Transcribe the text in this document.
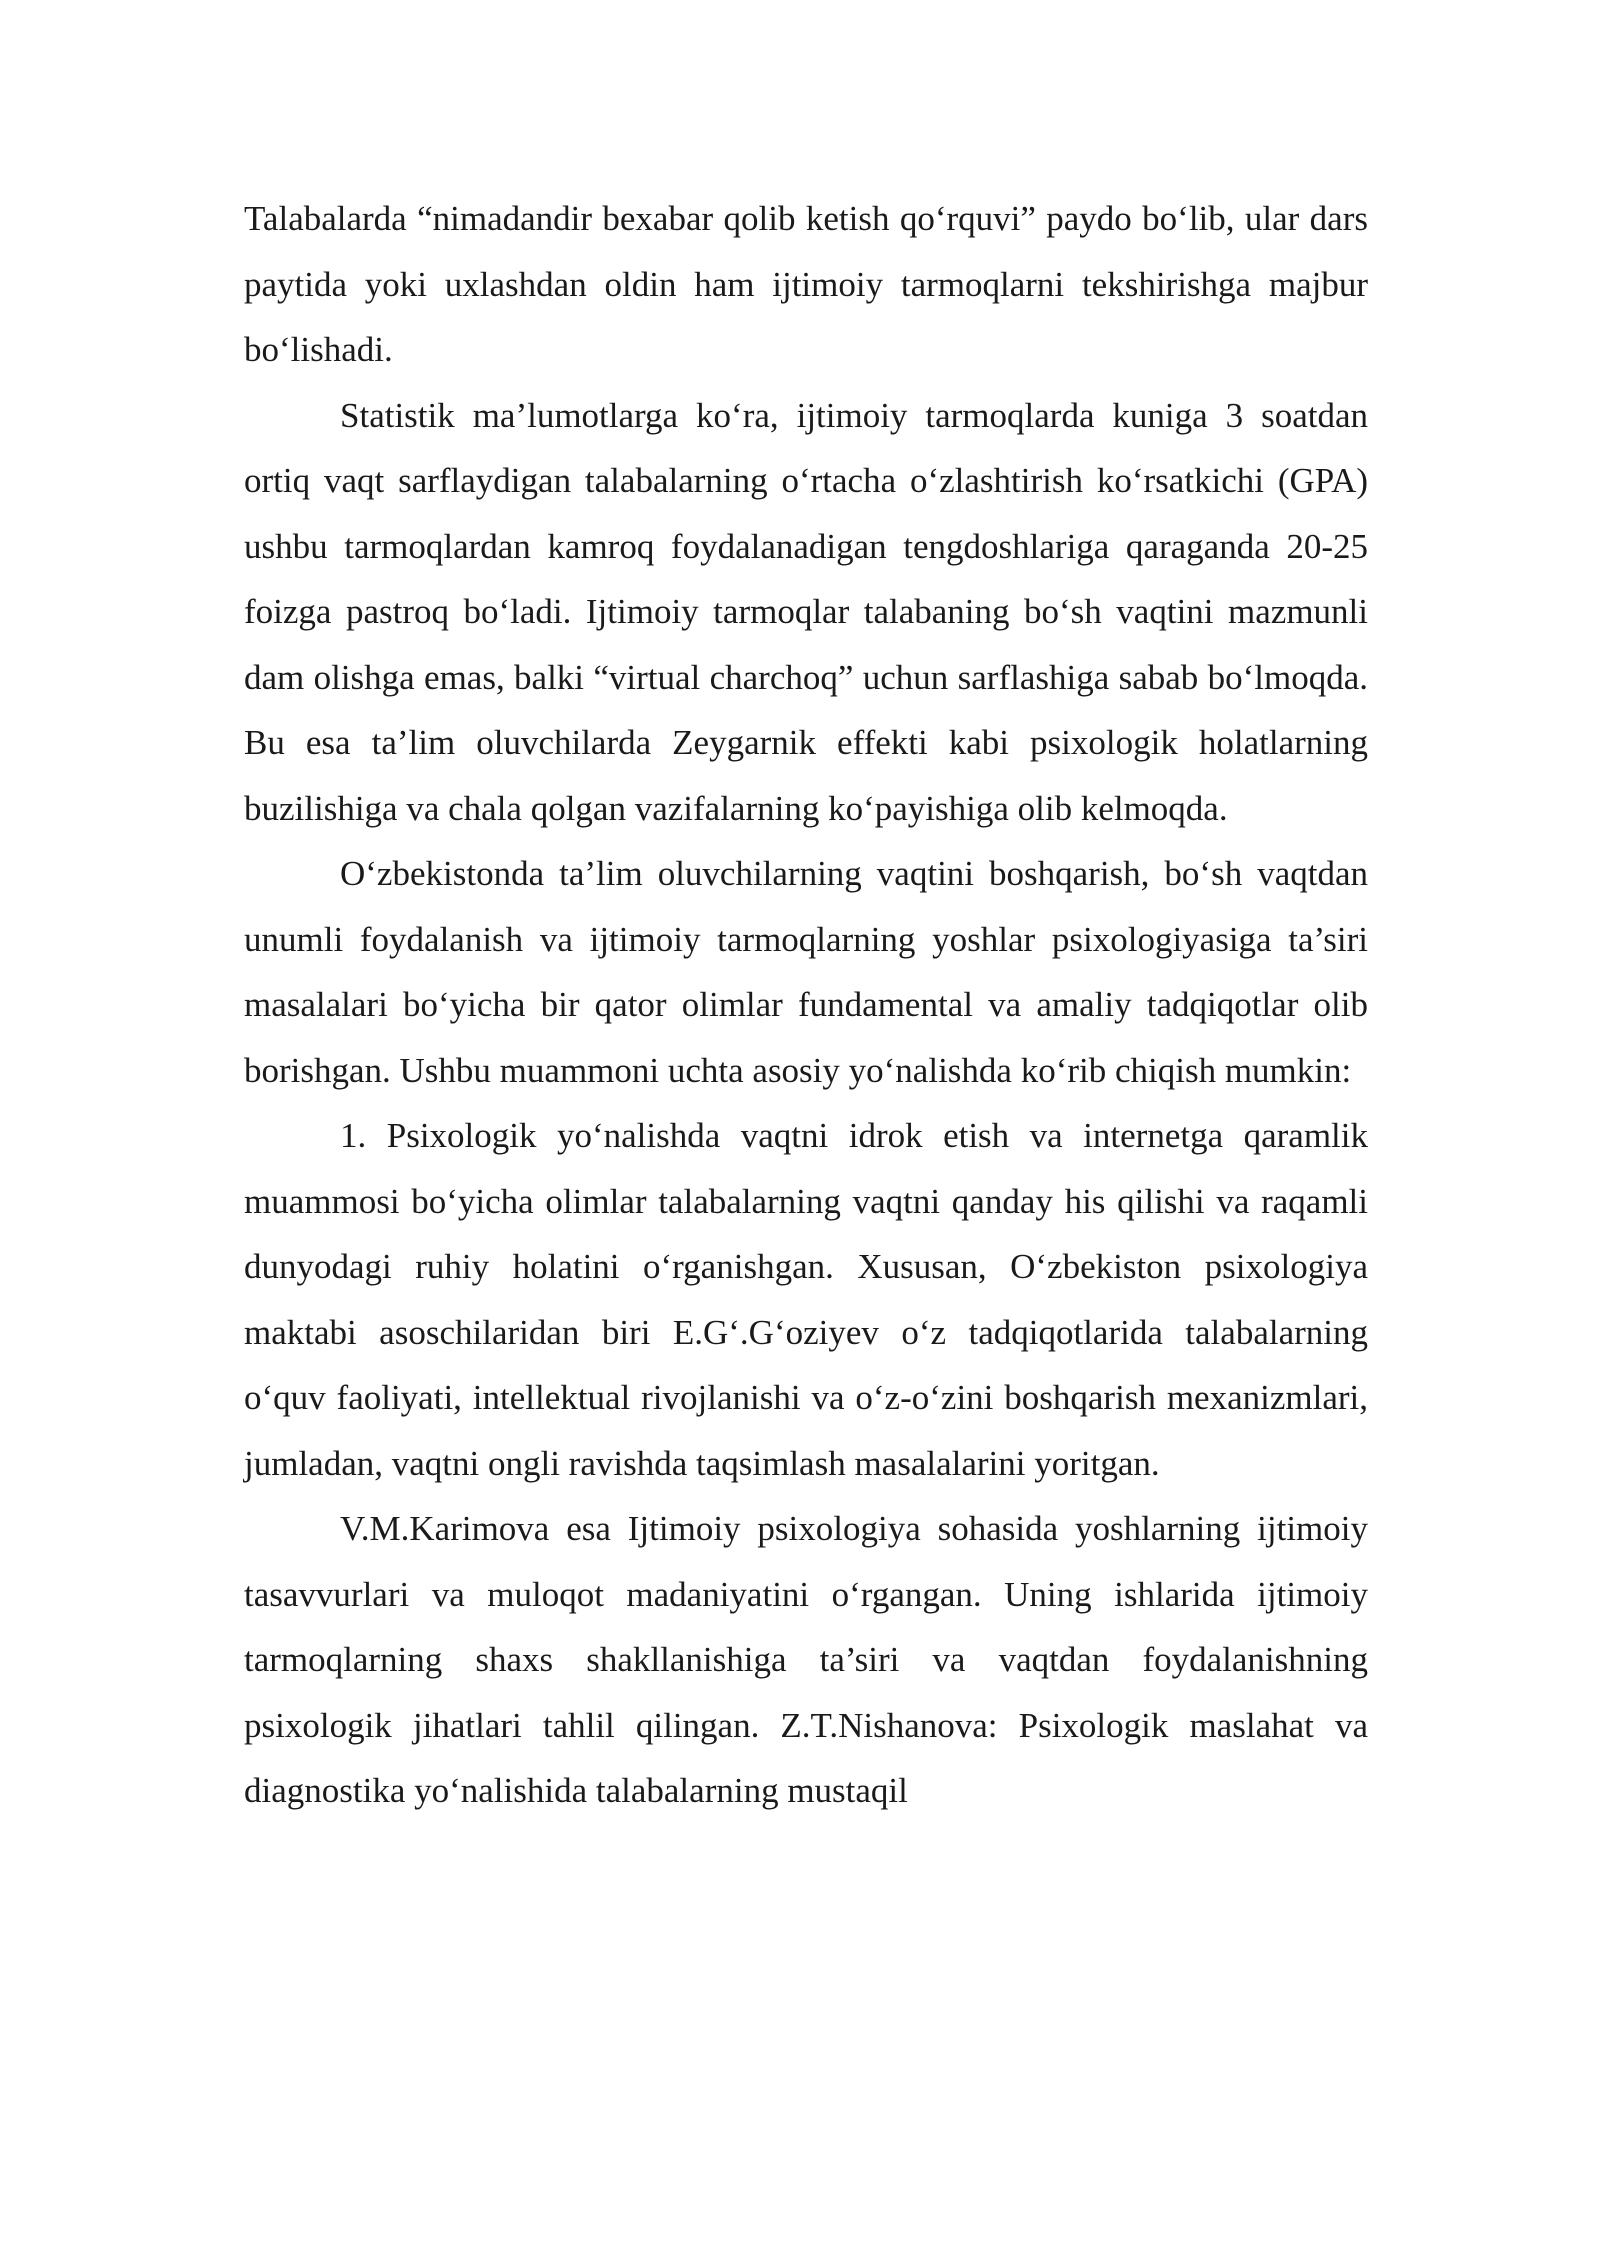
Talabalarda “nimadandir bexabar qolib ketish qo‘rquvi” paydo bo‘lib, ular dars paytida yoki uxlashdan oldin ham ijtimoiy tarmoqlarni tekshirishga majbur bo‘lishadi.

Statistik ma’lumotlarga ko‘ra, ijtimoiy tarmoqlarda kuniga 3 soatdan ortiq vaqt sarflaydigan talabalarning o‘rtacha o‘zlashtirish ko‘rsatkichi (GPA) ushbu tarmoqlardan kamroq foydalanadigan tengdoshlariga qaraganda 20-25 foizga pastroq bo‘ladi. Ijtimoiy tarmoqlar talabaning bo‘sh vaqtini mazmunli dam olishga emas, balki “virtual charchoq” uchun sarflashiga sabab bo‘lmoqda. Bu esa ta’lim oluvchilarda Zeygarnik effekti kabi psixologik holatlarning buzilishiga va chala qolgan vazifalarning ko‘payishiga olib kelmoqda.

O‘zbekistonda ta’lim oluvchilarning vaqtini boshqarish, bo‘sh vaqtdan unumli foydalanish va ijtimoiy tarmoqlarning yoshlar psixologiyasiga ta’siri masalalari bo‘yicha bir qator olimlar fundamental va amaliy tadqiqotlar olib borishgan. Ushbu muammoni uchta asosiy yo‘nalishda ko‘rib chiqish mumkin:

1. Psixologik yo‘nalishda vaqtni idrok etish va internetga qaramlik muammosi bo‘yicha olimlar talabalarning vaqtni qanday his qilishi va raqamli dunyodagi ruhiy holatini o‘rganishgan. Xususan, O‘zbekiston psixologiya maktabi asoschilaridan biri E.G‘.G‘oziyev o‘z tadqiqotlarida talabalarning o‘quv faoliyati, intellektual rivojlanishi va o‘z-o‘zini boshqarish mexanizmlari, jumladan, vaqtni ongli ravishda taqsimlash masalalarini yoritgan.

V.M.Karimova esa Ijtimoiy psixologiya sohasida yoshlarning ijtimoiy tasavvurlari va muloqot madaniyatini o‘rgangan. Uning ishlarida ijtimoiy tarmoqlarning shaxs shakllanishiga ta’siri va vaqtdan foydalanishning psixologik jihatlari tahlil qilingan. Z.T.Nishanova: Psixologik maslahat va diagnostika yo‘nalishida talabalarning mustaqil
